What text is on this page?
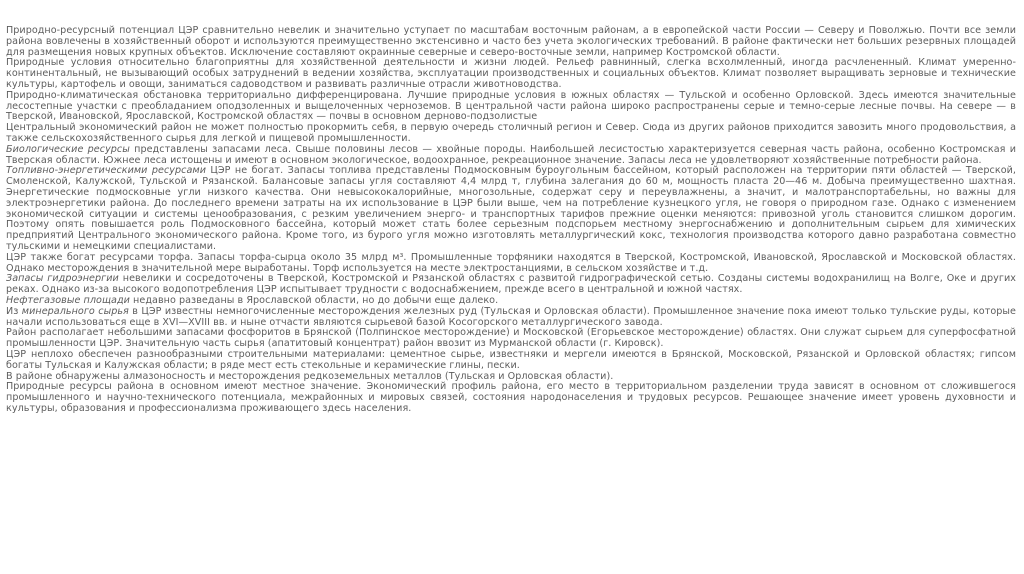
Природно-ресурсный потенциал ЦЭР сравнительно невелик и значительно уступает по масштабам восточным районам, а в европейской части России — Северу и Поволжью. Почти все земли района вовлечены в хозяйственный оборот и используются преимущественно экстенсивно и часто без учета экологических требований. В районе фактически нет больших резервных площадей для размещения новых крупных объектов. Исключение составляют окраинные северные и северо-восточные земли, например Костромской области.

Природные условия относительно благоприятны для хозяйственной деятельности и жизни людей. Рельеф равнинный, слегка всхолмленный, иногда расчлененный. Климат умеренно-континентальный, не вызывающий особых затруднений в ведении хозяйства, эксплуатации производственных и социальных объектов. Климат позволяет выращивать зерновые и технические культуры, картофель и овощи, заниматься садоводством и развивать различные отрасли животноводства.

Природно-климатическая обстановка территориально дифференцирована. Лучшие природные условия в южных областях — Тульской и особенно Орловской. Здесь имеются значительные лесостепные участки с преобладанием оподзоленных и выщелоченных черноземов. В центральной части района широко распространены серые и темно-серые лесные почвы. На севере — в Тверской, Ивановской, Ярославской, Костромской областях — почвы в основном дерново-подзолистые

Центральный экономический район не может полностью прокормить себя, в первую очередь столичный регион и Север. Сюда из других районов приходится завозить много продовольствия, а также сельскохозяйственного сырья для легкой и пищевой промышленности.

Биологические ресурсы представлены запасами леса. Свыше половины лесов — хвойные породы. Наибольшей лесистостью характеризуется северная часть района, особенно Костромская и Тверская области. Южнее леса истощены и имеют в основном экологическое, водоохранное, рекреационное значение. Запасы леса не удовлетворяют хозяйственные потребности района.

Топливно-энергетическими ресурсами ЦЭР не богат. Запасы топлива представлены Подмосковным буроугольным бассейном, который расположен на территории пяти областей — Тверской, Смоленской, Калужской, Тульской и Рязанской. Балансовые запасы угля составляют 4,4 млрд т, глубина залегания до 60 м, мощность пласта 20—46 м. Добыча преимущественно шахтная. Энергетические подмосковные угли низкого качества. Они невысококалорийные, многозольные, содержат серу и переувлажнены, а значит, и малотранспортабельны, но важны для электроэнергетики района. До последнего времени затраты на их использование в ЦЭР были выше, чем на потребление кузнецкого угля, не говоря о природном газе. Однако с изменением экономической ситуации и системы ценообразования, с резким увеличением энерго- и транспортных тарифов прежние оценки меняются: привозной уголь становится слишком дорогим. Поэтому опять повышается роль Подмосковного бассейна, который может стать более серьезным подспорьем местному энергоснабжению и дополнительным сырьем для химических предприятий Центрального экономического района. Кроме того, из бурого угля можно изготовлять металлургический кокс, технология производства которого давно разработана совместно тульскими и немецкими специалистами.

ЦЭР также богат ресурсами торфа. Запасы торфа-сырца около 35 млрд м³. Промышленные торфяники находятся в Тверской, Костромской, Ивановской, Ярославской и Московской областях. Однако месторождения в значительной мере выработаны. Торф используется на месте электростанциями, в сельском хозяйстве и т.д.

Запасы гидроэнергии невелики и сосредоточены в Тверской, Костромской и Рязанской областях с развитой гидрографической сетью. Созданы системы водохранилищ на Волге, Оке и других реках. Однако из-за высокого водопотребления ЦЭР испытывает трудности с водоснабжением, прежде всего в центральной и южной частях.

Нефтегазовые площади недавно разведаны в Ярославской области, но до добычи еще далеко.

Из минерального сырья в ЦЭР известны немногочисленные месторождения железных руд (Тульская и Орловская области). Промышленное значение пока имеют только тульские руды, которые начали использоваться еще в XVI—XVIII вв. и ныне отчасти являются сырьевой базой Косогорского металлургического завода.

Район располагает небольшими запасами фосфоритов в Брянской (Полпинское месторождение) и Московской (Егорьевское месторождение) областях. Они служат сырьем для суперфосфатной промышленности ЦЭР. Значительную часть сырья (апатитовый концентрат) район ввозит из Мурманской области (г. Кировск).

ЦЭР неплохо обеспечен разнообразными строительными материалами: цементное сырье, известняки и мергели имеются в Брянской, Московской, Рязанской и Орловской областях; гипсом богаты Тульская и Калужская области; в ряде мест есть стекольные и керамические глины, пески.

В районе обнаружены алмазоносность и месторождения редкоземельных металлов (Тульская и Орловская области).

Природные ресурсы района в основном имеют местное значение. Экономический профиль района, его место в территориальном разделении труда зависят в основном от сложившегося промышленного и научно-технического потенциала, межрайонных и мировых связей, состояния народонаселения и трудовых ресурсов. Решающее значение имеет уровень духовности и культуры, образования и профессионализма проживающего здесь населения.
